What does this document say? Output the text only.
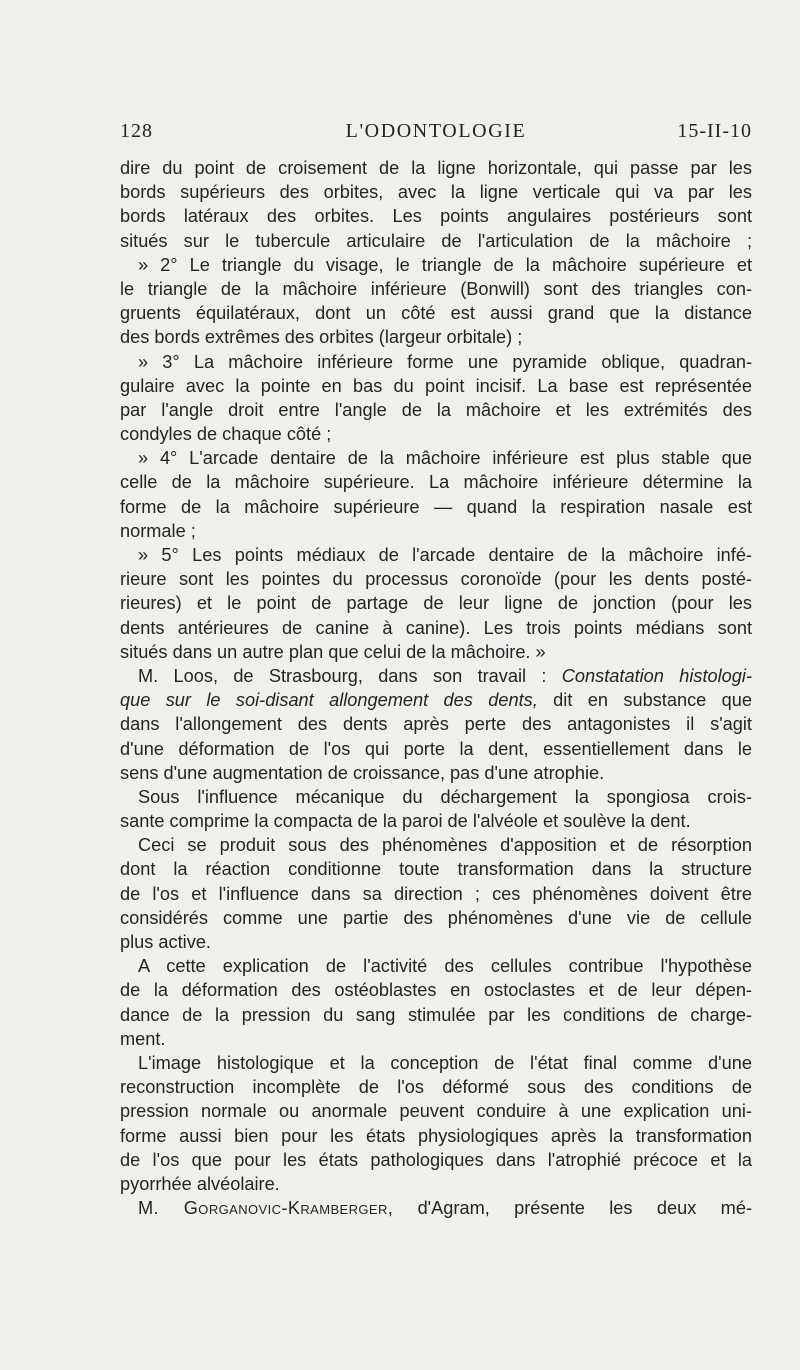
128	L'ODONTOLOGIE	15-II-10
dire du point de croisement de la ligne horizontale, qui passe par les
bords supérieurs des orbites, avec la ligne verticale qui va par les
bords latéraux des orbites. Les points angulaires postérieurs sont
situés sur le tubercule articulaire de l'articulation de la mâchoire ;
» 2° Le triangle du visage, le triangle de la mâchoire supérieure et
le triangle de la mâchoire inférieure (Bonwill) sont des triangles con-
gruents équilatéraux, dont un côté est aussi grand que la distance
des bords extrêmes des orbites (largeur orbitale) ;
» 3° La mâchoire inférieure forme une pyramide oblique, quadran-
gulaire avec la pointe en bas du point incisif. La base est représentée
par l'angle droit entre l'angle de la mâchoire et les extrémités des
condyles de chaque côté ;
» 4° L'arcade dentaire de la mâchoire inférieure est plus stable que
celle de la mâchoire supérieure. La mâchoire inférieure détermine la
forme de la mâchoire supérieure — quand la respiration nasale est
normale ;
» 5° Les points médiaux de l'arcade dentaire de la mâchoire infé-
rieure sont les pointes du processus coronoïde (pour les dents posté-
rieures) et le point de partage de leur ligne de jonction (pour les
dents antérieures de canine à canine). Les trois points médians sont
situés dans un autre plan que celui de la mâchoire. »
M. Loos, de Strasbourg, dans son travail : Constatation histologi-
que sur le soi-disant allongement des dents, dit en substance que
dans l'allongement des dents après perte des antagonistes il s'agit
d'une déformation de l'os qui porte la dent, essentiellement dans le
sens d'une augmentation de croissance, pas d'une atrophie.
Sous l'influence mécanique du déchargement la spongiosa crois-
sante comprime la compacta de la paroi de l'alvéole et soulève la dent.
Ceci se produit sous des phénomènes d'apposition et de résorption
dont la réaction conditionne toute transformation dans la structure
de l'os et l'influence dans sa direction ; ces phénomènes doivent être
considérés comme une partie des phénomènes d'une vie de cellule
plus active.
A cette explication de l'activité des cellules contribue l'hypothèse
de la déformation des ostéoblastes en ostoclastes et de leur dépen-
dance de la pression du sang stimulée par les conditions de charge-
ment.
L'image histologique et la conception de l'état final comme d'une
reconstruction incomplète de l'os déformé sous des conditions de
pression normale ou anormale peuvent conduire à une explication uni-
forme aussi bien pour les états physiologiques après la transformation
de l'os que pour les états pathologiques dans l'atrophié précoce et la
pyorrhée alvéolaire.
M. Gorganovic-Kramberger, d'Agram, présente les deux mé-
